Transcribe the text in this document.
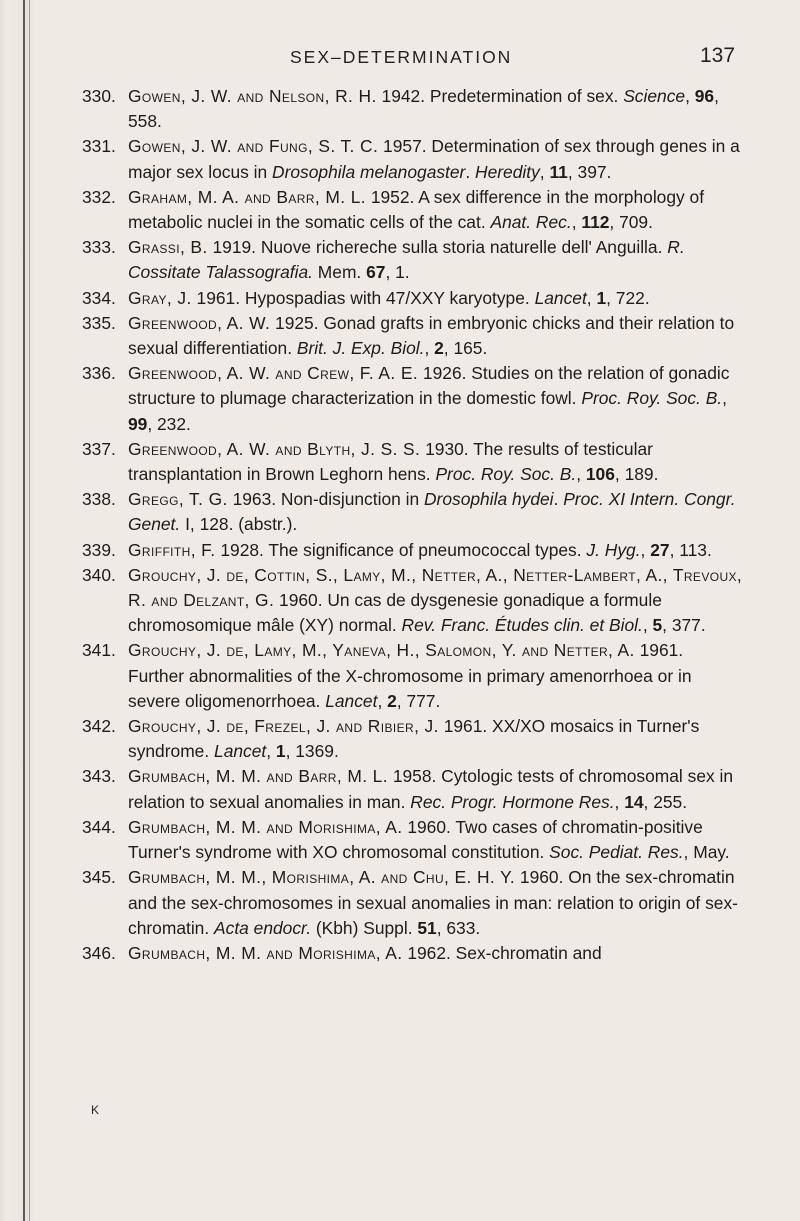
SEX–DETERMINATION	137
330. Gowen, J. W. and Nelson, R. H. 1942. Predetermination of sex. Science, 96, 558.
331. Gowen, J. W. and Fung, S. T. C. 1957. Determination of sex through genes in a major sex locus in Drosophila melanogaster. Heredity, 11, 397.
332. Graham, M. A. and Barr, M. L. 1952. A sex difference in the morphology of metabolic nuclei in the somatic cells of the cat. Anat. Rec., 112, 709.
333. Grassi, B. 1919. Nuove richereche sulla storia naturelle dell' Anguilla. R. Cossitate Talassografia. Mem. 67, 1.
334. Gray, J. 1961. Hypospadias with 47/XXY karyotype. Lancet, 1, 722.
335. Greenwood, A. W. 1925. Gonad grafts in embryonic chicks and their relation to sexual differentiation. Brit. J. Exp. Biol., 2, 165.
336. Greenwood, A. W. and Crew, F. A. E. 1926. Studies on the relation of gonadic structure to plumage characterization in the domestic fowl. Proc. Roy. Soc. B., 99, 232.
337. Greenwood, A. W. and Blyth, J. S. S. 1930. The results of testicular transplantation in Brown Leghorn hens. Proc. Roy. Soc. B., 106, 189.
338. Gregg, T. G. 1963. Non-disjunction in Drosophila hydei. Proc. XI Intern. Congr. Genet. I, 128. (abstr.).
339. Griffith, F. 1928. The significance of pneumococcal types. J. Hyg., 27, 113.
340. Grouchy, J. de, Cottin, S., Lamy, M., Netter, A., Netter-Lambert, A., Trevoux, R. and Delzant, G. 1960. Un cas de dysgenesie gonadique a formule chromosomique mâle (XY) normal. Rev. Franc. Études clin. et Biol., 5, 377.
341. Grouchy, J. de, Lamy, M., Yaneva, H., Salomon, Y. and Netter, A. 1961. Further abnormalities of the X-chromosome in primary amenorrhoea or in severe oligomenorrhoea. Lancet, 2, 777.
342. Grouchy, J. de, Frezel, J. and Ribier, J. 1961. XX/XO mosaics in Turner's syndrome. Lancet, 1, 1369.
343. Grumbach, M. M. and Barr, M. L. 1958. Cytologic tests of chromosomal sex in relation to sexual anomalies in man. Rec. Progr. Hormone Res., 14, 255.
344. Grumbach, M. M. and Morishima, A. 1960. Two cases of chromatin-positive Turner's syndrome with XO chromosomal constitution. Soc. Pediat. Res., May.
345. Grumbach, M. M., Morishima, A. and Chu, E. H. Y. 1960. On the sex-chromatin and the sex-chromosomes in sexual anomalies in man: relation to origin of sex-chromatin. Acta endocr. (Kbh) Suppl. 51, 633.
346. Grumbach, M. M. and Morishima, A. 1962. Sex-chromatin and
K
